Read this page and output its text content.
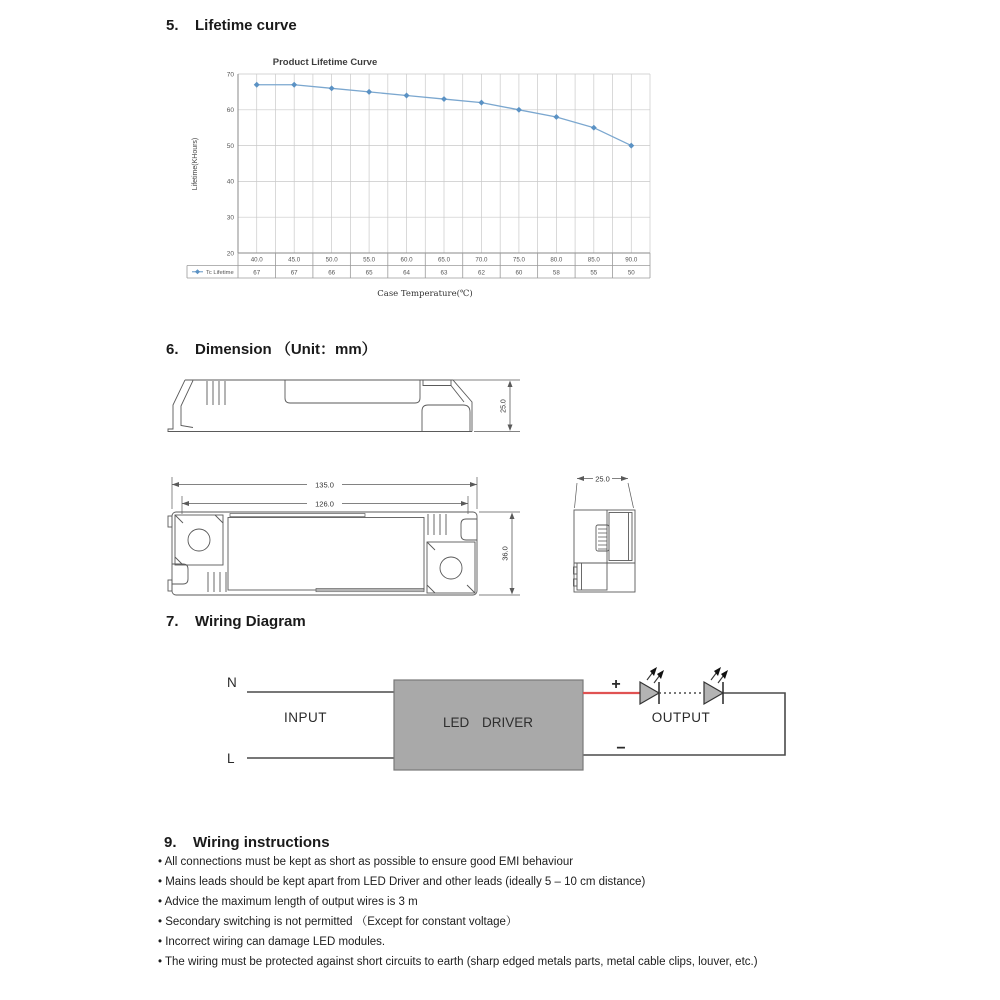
5. Lifetime curve
70
60
50
40
30
20
40.0	45.0	50.0	55.0	60.0	65.0	70.0	75.0	80.0	85.0	90.0
67	67	66	65	64	63	62	60	58	55	50
Tc Lifetime
Product Lifetime Curve
Lifetime(KHours)
Case Temperature(℃)
6. Dimension （Unit：mm）
25.0
135.0
126.0
36.0
25.0
7. Wiring Diagram
N
L
INPUT	LED DRIVER
+
−
OUTPUT
9. Wiring instructions
• All connections must be kept as short as possible to ensure good EMI behaviour
• Mains leads should be kept apart from LED Driver and other leads (ideally 5 – 10 cm distance)
• Advice the maximum length of output wires is 3 m
• Secondary switching is not permitted （Except for constant voltage）
• Incorrect wiring can damage LED modules.
• The wiring must be protected against short circuits to earth (sharp edged metals parts, metal cable clips, louver, etc.)
